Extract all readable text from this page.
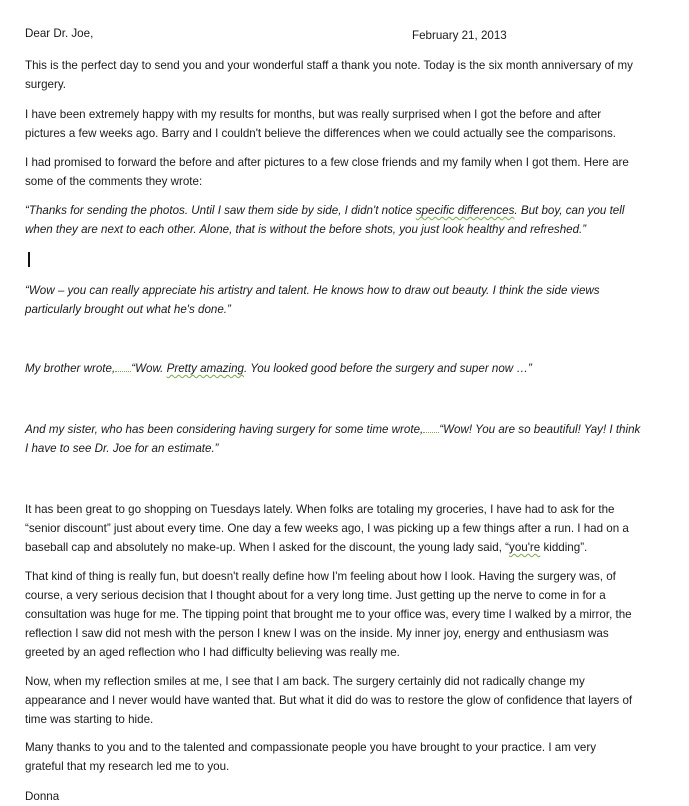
Dear Dr. Joe,	February 21, 2013

This is the perfect day to send you and your wonderful staff a thank you note. Today is the six month anniversary of my
surgery.
I have been extremely happy with my results for months, but was really surprised when I got the before and after
pictures a few weeks ago. Barry and I couldn't believe the differences when we could actually see the comparisons.
I had promised to forward the before and after pictures to a few close friends and my family when I got them. Here are
some of the comments they wrote:
“Thanks for sending the photos. Until I saw them side by side, I didn't notice specific differences. But boy, can you tell
when they are next to each other. Alone, that is without the before shots, you just look healthy and refreshed.”
“Wow – you can really appreciate his artistry and talent. He knows how to draw out beauty. I think the side views
particularly brought out what he's done.”
My brother wrote, “Wow. Pretty amazing. You looked good before the surgery and super now …”
And my sister, who has been considering having surgery for some time wrote, “Wow! You are so beautiful! Yay! I think
I have to see Dr. Joe for an estimate.”
It has been great to go shopping on Tuesdays lately. When folks are totaling my groceries, I have had to ask for the
“senior discount” just about every time. One day a few weeks ago, I was picking up a few things after a run. I had on a
baseball cap and absolutely no make-up. When I asked for the discount, the young lady said, “you're kidding”.
That kind of thing is really fun, but doesn't really define how I'm feeling about how I look. Having the surgery was, of
course, a very serious decision that I thought about for a very long time. Just getting up the nerve to come in for a
consultation was huge for me. The tipping point that brought me to your office was, every time I walked by a mirror, the
reflection I saw did not mesh with the person I knew I was on the inside. My inner joy, energy and enthusiasm was
greeted by an aged reflection who I had difficulty believing was really me.
Now, when my reflection smiles at me, I see that I am back. The surgery certainly did not radically change my
appearance and I never would have wanted that. But what it did do was to restore the glow of confidence that layers of
time was starting to hide.
Many thanks to you and to the talented and compassionate people you have brought to your practice. I am very
grateful that my research led me to you.

Donna
